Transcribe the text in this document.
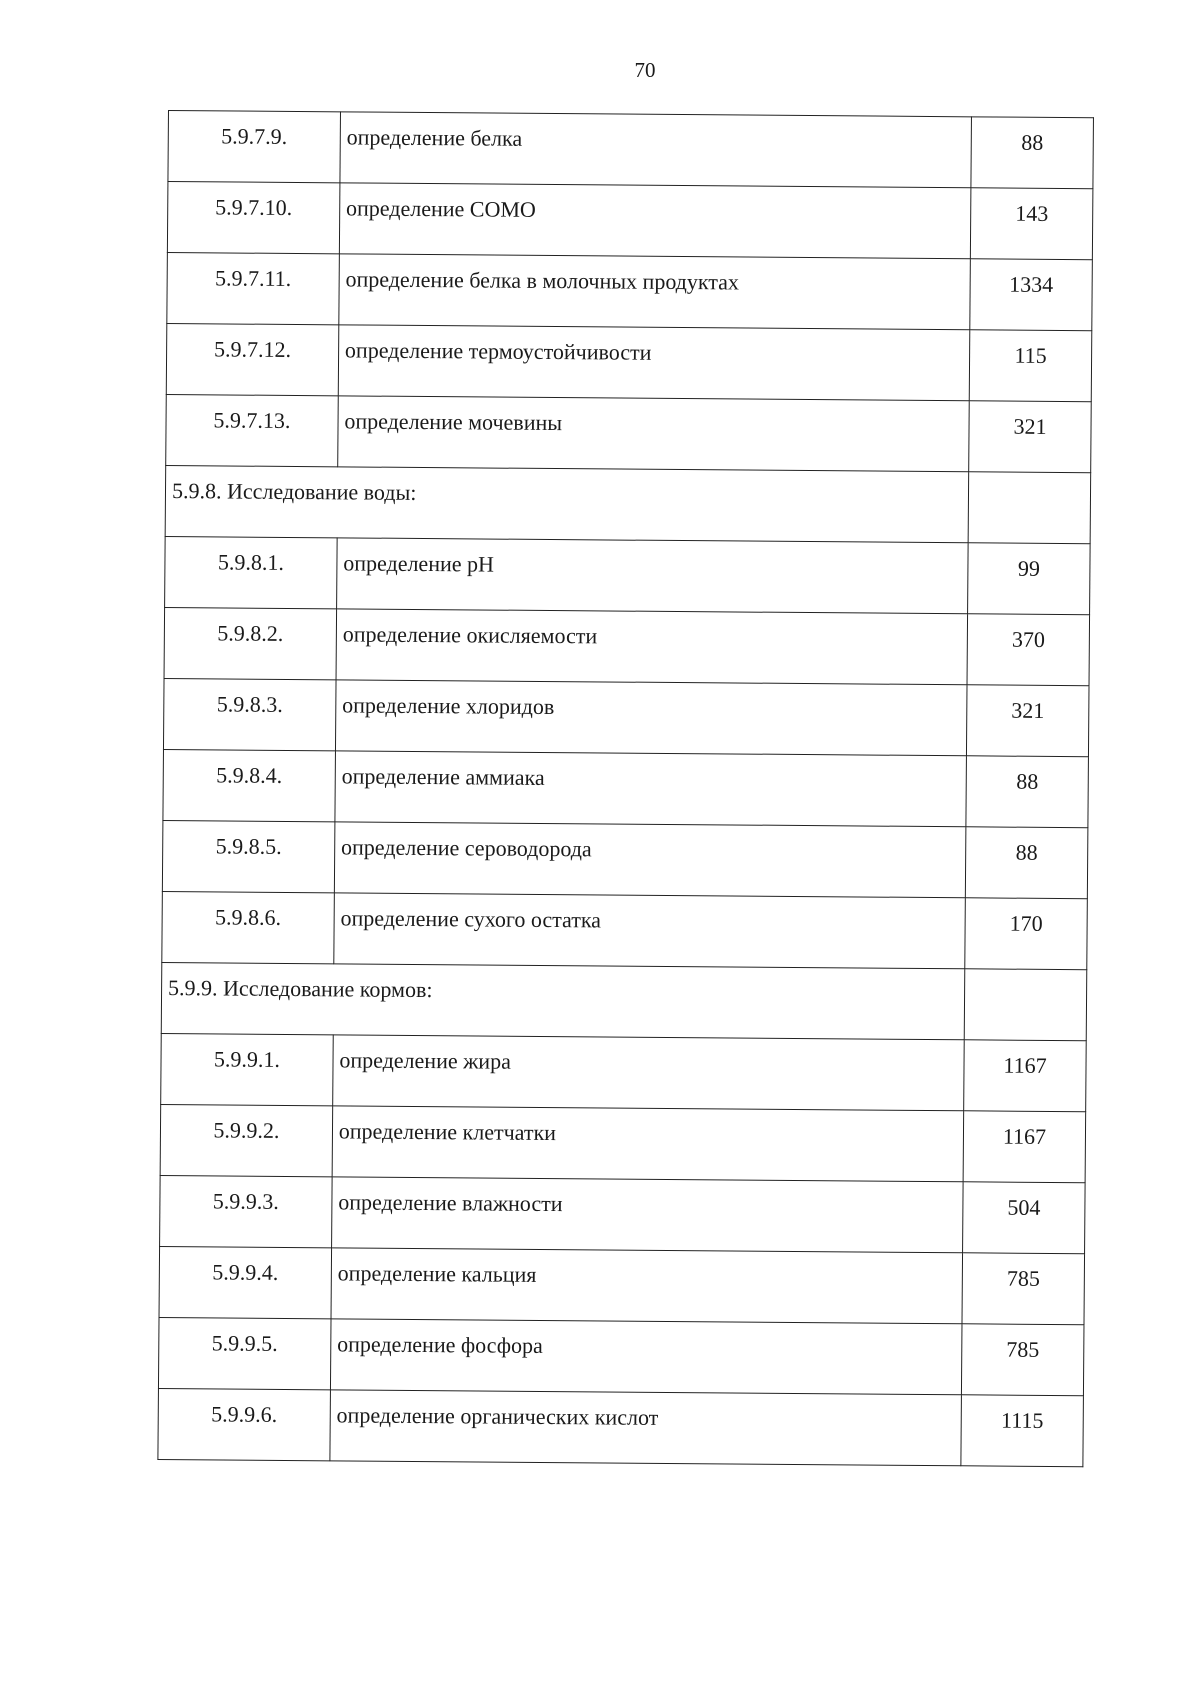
70
5.9.7.9.	определение белка	88
5.9.7.10.	определение СОМО	143
5.9.7.11.	определение белка в молочных продуктах	1334
5.9.7.12.	определение термоустойчивости	115
5.9.7.13.	определение мочевины	321
5.9.8. Исследование воды:		
5.9.8.1.	определение pH	99
5.9.8.2.	определение окисляемости	370
5.9.8.3.	определение хлоридов	321
5.9.8.4.	определение аммиака	88
5.9.8.5.	определение сероводорода	88
5.9.8.6.	определение сухого остатка	170
5.9.9. Исследование кормов:		
5.9.9.1.	определение жира	1167
5.9.9.2.	определение клетчатки	1167
5.9.9.3.	определение влажности	504
5.9.9.4.	определение кальция	785
5.9.9.5.	определение фосфора	785
5.9.9.6.	определение органических кислот	1115
